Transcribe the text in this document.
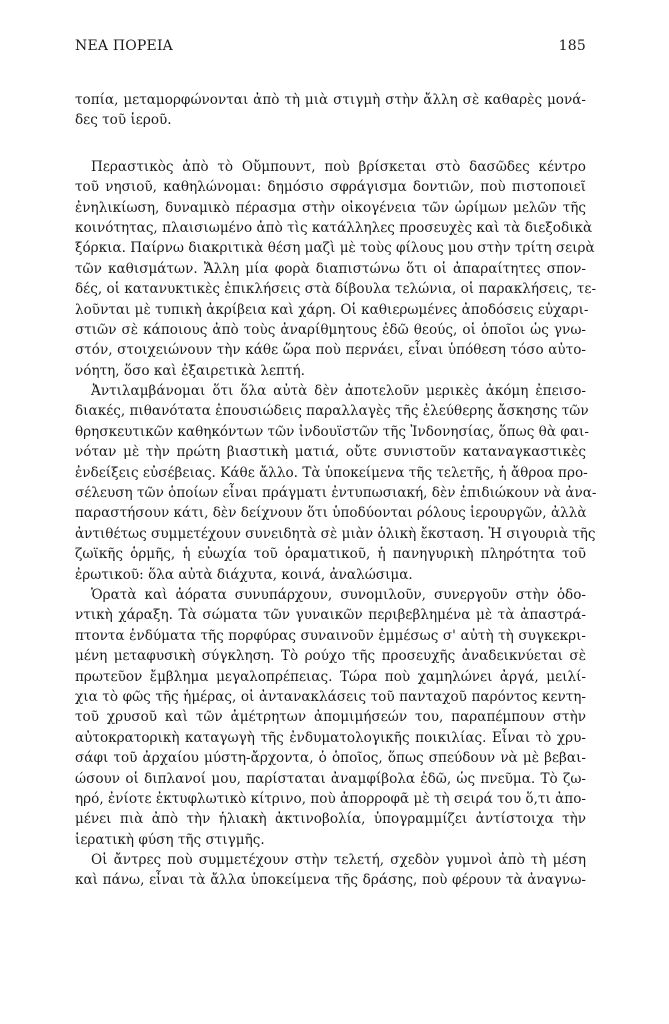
ΝΕΑ ΠΟΡΕΙΑ	185
τοπία, μεταμορφώνονται ἀπὸ τὴ μιὰ στιγμὴ στὴν ἄλλη σὲ καθαρὲς μονά-
δες τοῦ ἱεροῦ.
Περαστικὸς ἀπὸ τὸ Οὔμπουντ, ποὺ βρίσκεται στὸ δασῶδες κέντρο
τοῦ νησιοῦ, καθηλώνομαι: δημόσιο σφράγισμα δοντιῶν, ποὺ πιστοποιεῖ
ἐνηλικίωση, δυναμικὸ πέρασμα στὴν οἰκογένεια τῶν ὡρίμων μελῶν τῆς
κοινότητας, πλαισιωμένο ἀπὸ τὶς κατάλληλες προσευχὲς καὶ τὰ διεξοδικὰ
ξόρκια. Παίρνω διακριτικὰ θέση μαζὶ μὲ τοὺς φίλους μου στὴν τρίτη σειρὰ
τῶν καθισμάτων. Ἄλλη μία φορὰ διαπιστώνω ὅτι οἱ ἀπαραίτητες σπον-
δές, οἱ κατανυκτικὲς ἐπικλήσεις στὰ δίβουλα τελώνια, οἱ παρακλήσεις, τε-
λοῦνται μὲ τυπικὴ ἀκρίβεια καὶ χάρη. Οἱ καθιερωμένες ἀποδόσεις εὐχαρι-
στιῶν σὲ κάποιους ἀπὸ τοὺς ἀναρίθμητους ἐδῶ θεούς, οἱ ὁποῖοι ὡς γνω-
στόν, στοιχειώνουν τὴν κάθε ὥρα ποὺ περνάει, εἶναι ὑπόθεση τόσο αὐτο-
νόητη, ὅσο καὶ ἐξαιρετικὰ λεπτή.
Ἀντιλαμβάνομαι ὅτι ὅλα αὐτὰ δὲν ἀποτελοῦν μερικὲς ἀκόμη ἐπεισο-
διακές, πιθανότατα ἐπουσιώδεις παραλλαγὲς τῆς ἐλεύθερης ἄσκησης τῶν
θρησκευτικῶν καθηκόντων τῶν ἰνδουϊστῶν τῆς Ἰνδονησίας, ὅπως θὰ φαι-
νόταν μὲ τὴν πρώτη βιαστικὴ ματιά, οὔτε συνιστοῦν καταναγκαστικὲς
ἐνδείξεις εὐσέβειας. Κάθε ἄλλο. Τὰ ὑποκείμενα τῆς τελετῆς, ἡ ἄθροα προ-
σέλευση τῶν ὁποίων εἶναι πράγματι ἐντυπωσιακή, δὲν ἐπιδιώκουν νὰ ἀνα-
παραστήσουν κάτι, δὲν δείχνουν ὅτι ὑποδύονται ρόλους ἱερουργῶν, ἀλλὰ
ἀντιθέτως συμμετέχουν συνειδητὰ σὲ μιὰν ὁλικὴ ἔκσταση. Ἡ σιγουριὰ τῆς
ζωϊκῆς ὁρμῆς, ἡ εὐωχία τοῦ ὁραματικοῦ, ἡ πανηγυρικὴ πληρότητα τοῦ
ἐρωτικοῦ: ὅλα αὐτὰ διάχυτα, κοινά, ἀναλώσιμα.
Ὁρατὰ καὶ ἀόρατα συνυπάρχουν, συνομιλοῦν, συνεργοῦν στὴν ὁδο-
ντικὴ χάραξη. Τὰ σώματα τῶν γυναικῶν περιβεβλημένα μὲ τὰ ἀπαστρά-
πτοντα ἐνδύματα τῆς πορφύρας συναινοῦν ἐμμέσως σ' αὐτὴ τὴ συγκεκρι-
μένη μεταφυσικὴ σύγκληση. Τὸ ρούχο τῆς προσευχῆς ἀναδεικνύεται σὲ
πρωτεῦον ἔμβλημα μεγαλοπρέπειας. Τώρα ποὺ χαμηλώνει ἀργά, μειλί-
χια τὸ φῶς τῆς ἡμέρας, οἱ ἀντανακλάσεις τοῦ πανταχοῦ παρόντος κεντη-
τοῦ χρυσοῦ καὶ τῶν ἀμέτρητων ἀπομιμήσεών του, παραπέμπουν στὴν
αὐτοκρατορικὴ καταγωγὴ τῆς ἐνδυματολογικῆς ποικιλίας. Εἶναι τὸ χρυ-
σάφι τοῦ ἀρχαίου μύστη-ἄρχοντα, ὁ ὁποῖος, ὅπως σπεύδουν νὰ μὲ βεβαι-
ώσουν οἱ διπλανοί μου, παρίσταται ἀναμφίβολα ἐδῶ, ὡς πνεῦμα. Τὸ ζω-
ηρό, ἐνίοτε ἐκτυφλωτικὸ κίτρινο, ποὺ ἀπορροφᾶ μὲ τὴ σειρά του ὅ,τι ἀπο-
μένει πιὰ ἀπὸ τὴν ἡλιακὴ ἀκτινοβολία, ὑπογραμμίζει ἀντίστοιχα τὴν
ἱερατικὴ φύση τῆς στιγμῆς.
Οἱ ἄντρες ποὺ συμμετέχουν στὴν τελετή, σχεδὸν γυμνοὶ ἀπὸ τὴ μέση
καὶ πάνω, εἶναι τὰ ἄλλα ὑποκείμενα τῆς δράσης, ποὺ φέρουν τὰ ἀναγνω-
